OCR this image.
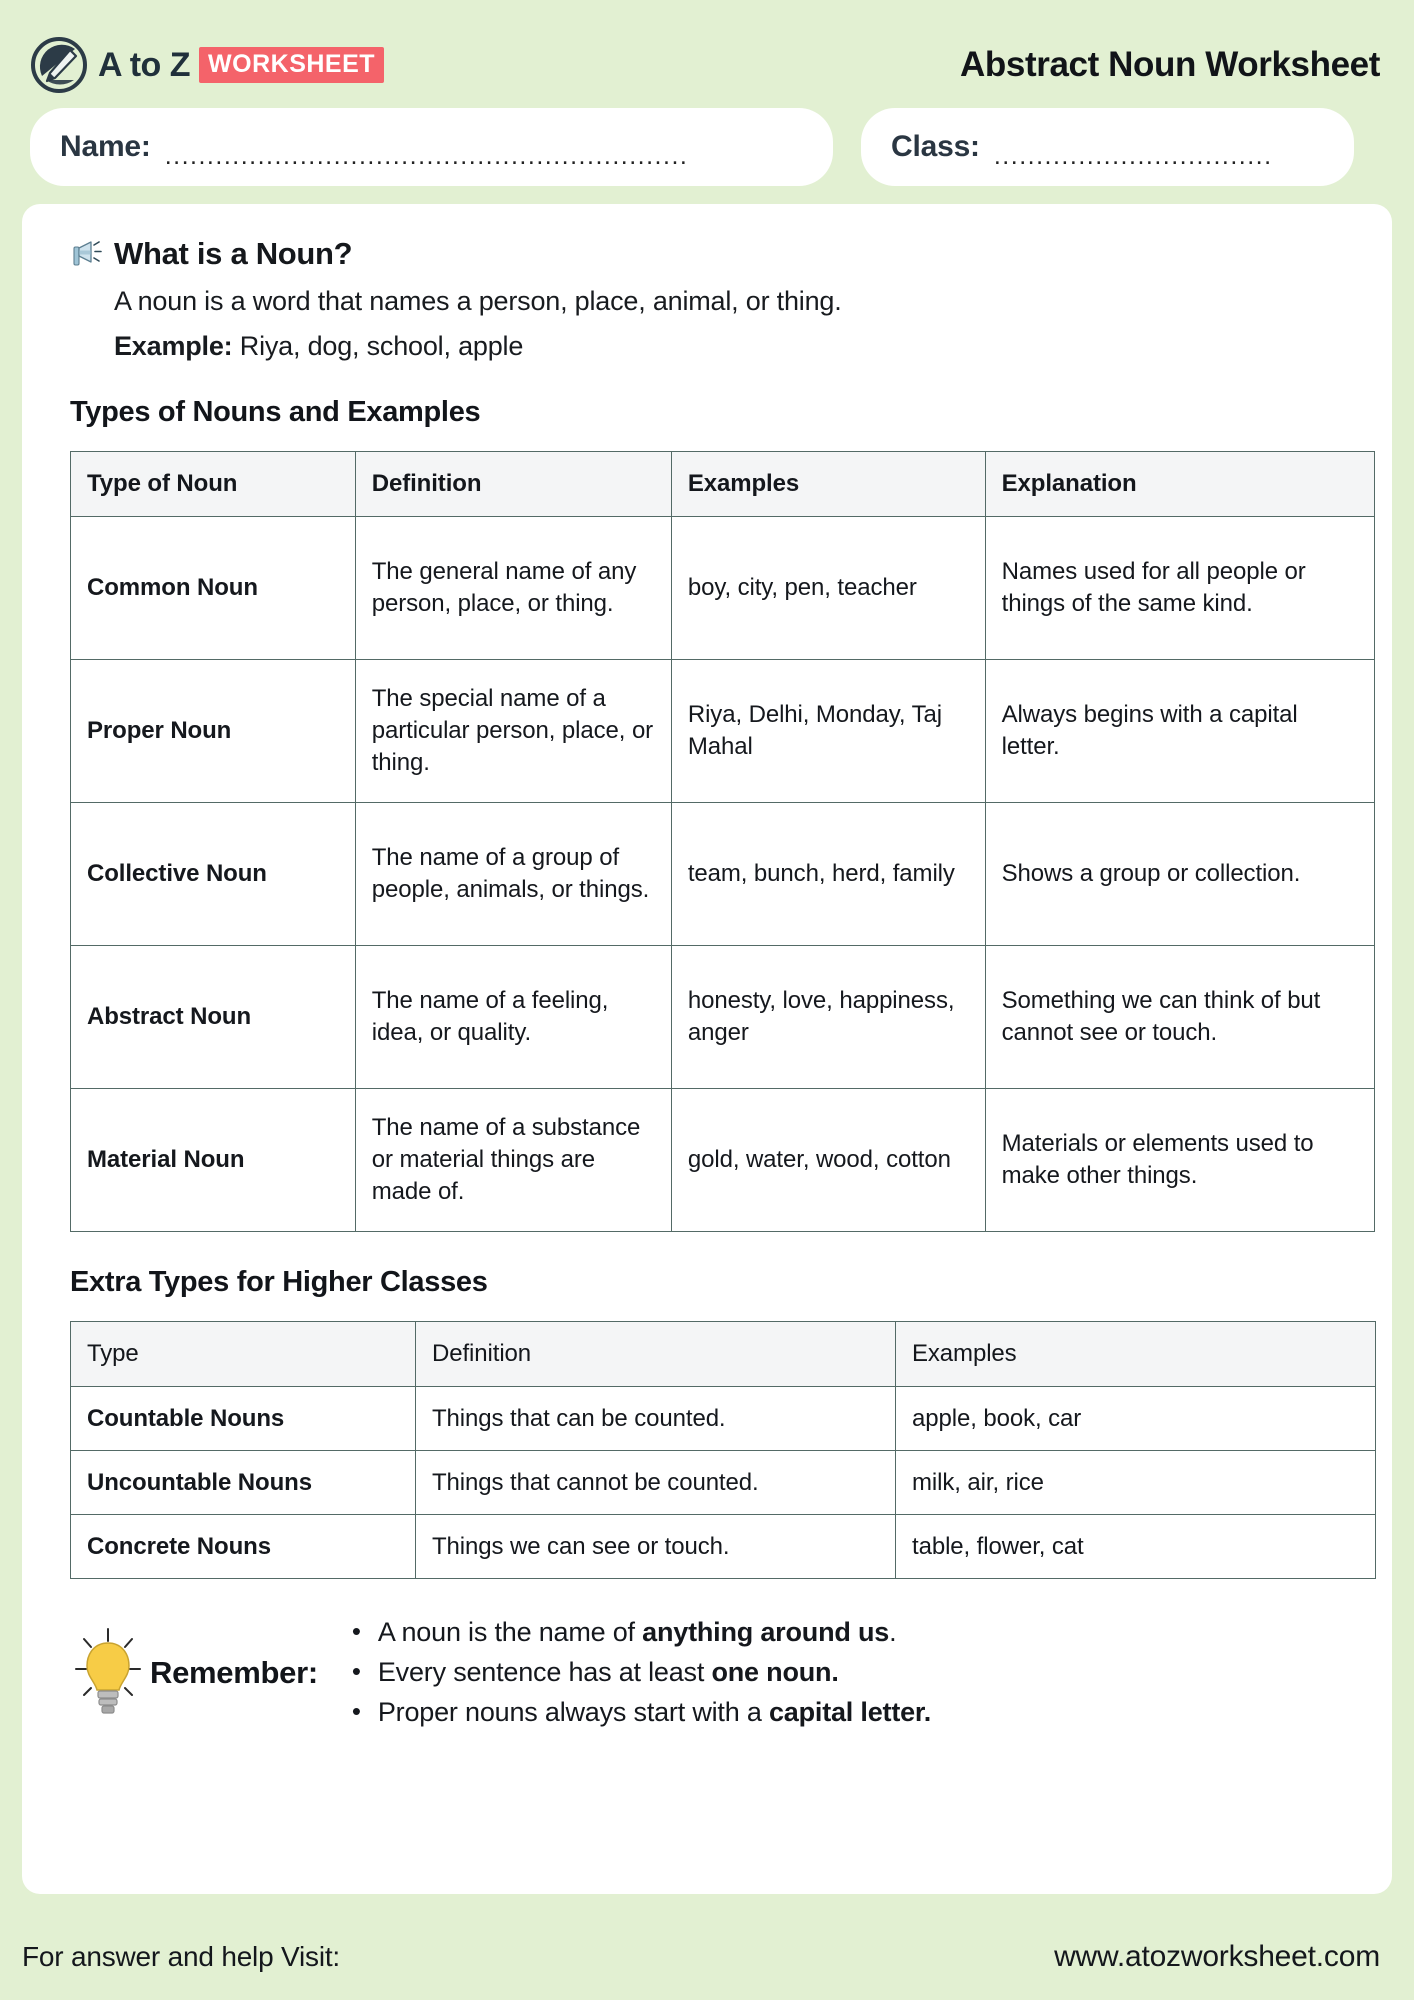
A to Z WORKSHEET	Abstract Noun Worksheet
Name: ..............................................................	Class: .................................
What is a Noun?
A noun is a word that names a person, place, animal, or thing.
Example: Riya, dog, school, apple
Types of Nouns and Examples
Type of Noun	Definition	Examples	Explanation
Common Noun	The general name of any person, place, or thing.	boy, city, pen, teacher	Names used for all people or things of the same kind.
Proper Noun	The special name of a particular person, place, or thing.	Riya, Delhi, Monday, Taj Mahal	Always begins with a capital letter.
Collective Noun	The name of a group of people, animals, or things.	team, bunch, herd, family	Shows a group or collection.
Abstract Noun	The name of a feeling, idea, or quality.	honesty, love, happiness, anger	Something we can think of but cannot see or touch.
Material Noun	The name of a substance or material things are made of.	gold, water, wood, cotton	Materials or elements used to make other things.
Extra Types for Higher Classes
Type	Definition	Examples
Countable Nouns	Things that can be counted.	apple, book, car
Uncountable Nouns	Things that cannot be counted.	milk, air, rice
Concrete Nouns	Things we can see or touch.	table, flower, cat
Remember:
• A noun is the name of anything around us.
• Every sentence has at least one noun.
• Proper nouns always start with a capital letter.
For answer and help Visit:	www.atozworksheet.com
